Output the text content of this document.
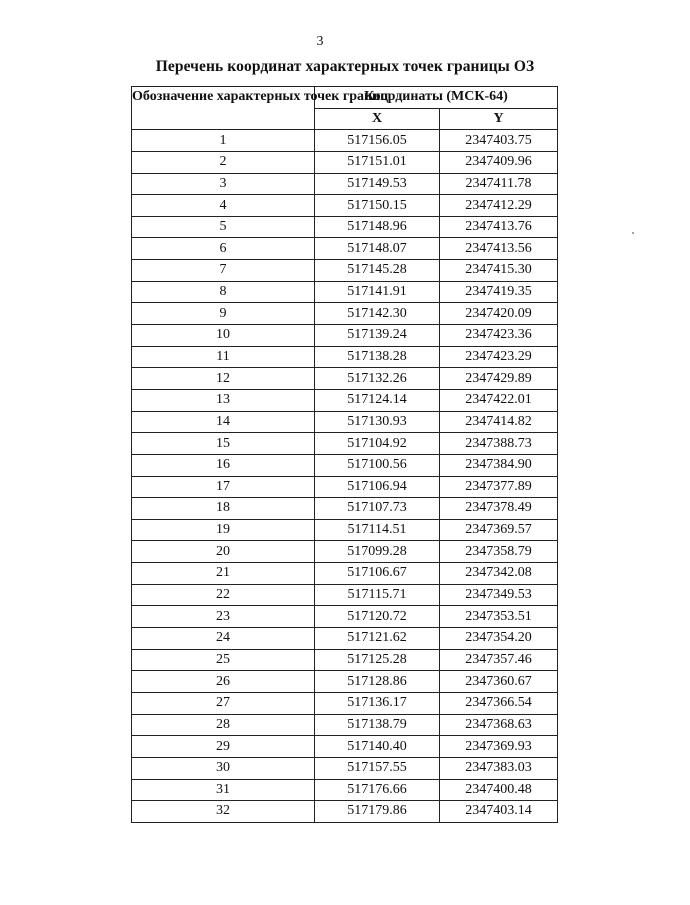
3
Перечень координат характерных точек границы ОЗ
Обозначение характерных точек границ	Координаты (МСК-64)	
	X	Y
1	517156.05	2347403.75
2	517151.01	2347409.96
3	517149.53	2347411.78
4	517150.15	2347412.29
5	517148.96	2347413.76
6	517148.07	2347413.56
7	517145.28	2347415.30
8	517141.91	2347419.35
9	517142.30	2347420.09
10	517139.24	2347423.36
11	517138.28	2347423.29
12	517132.26	2347429.89
13	517124.14	2347422.01
14	517130.93	2347414.82
15	517104.92	2347388.73
16	517100.56	2347384.90
17	517106.94	2347377.89
18	517107.73	2347378.49
19	517114.51	2347369.57
20	517099.28	2347358.79
21	517106.67	2347342.08
22	517115.71	2347349.53
23	517120.72	2347353.51
24	517121.62	2347354.20
25	517125.28	2347357.46
26	517128.86	2347360.67
27	517136.17	2347366.54
28	517138.79	2347368.63
29	517140.40	2347369.93
30	517157.55	2347383.03
31	517176.66	2347400.48
32	517179.86	2347403.14
